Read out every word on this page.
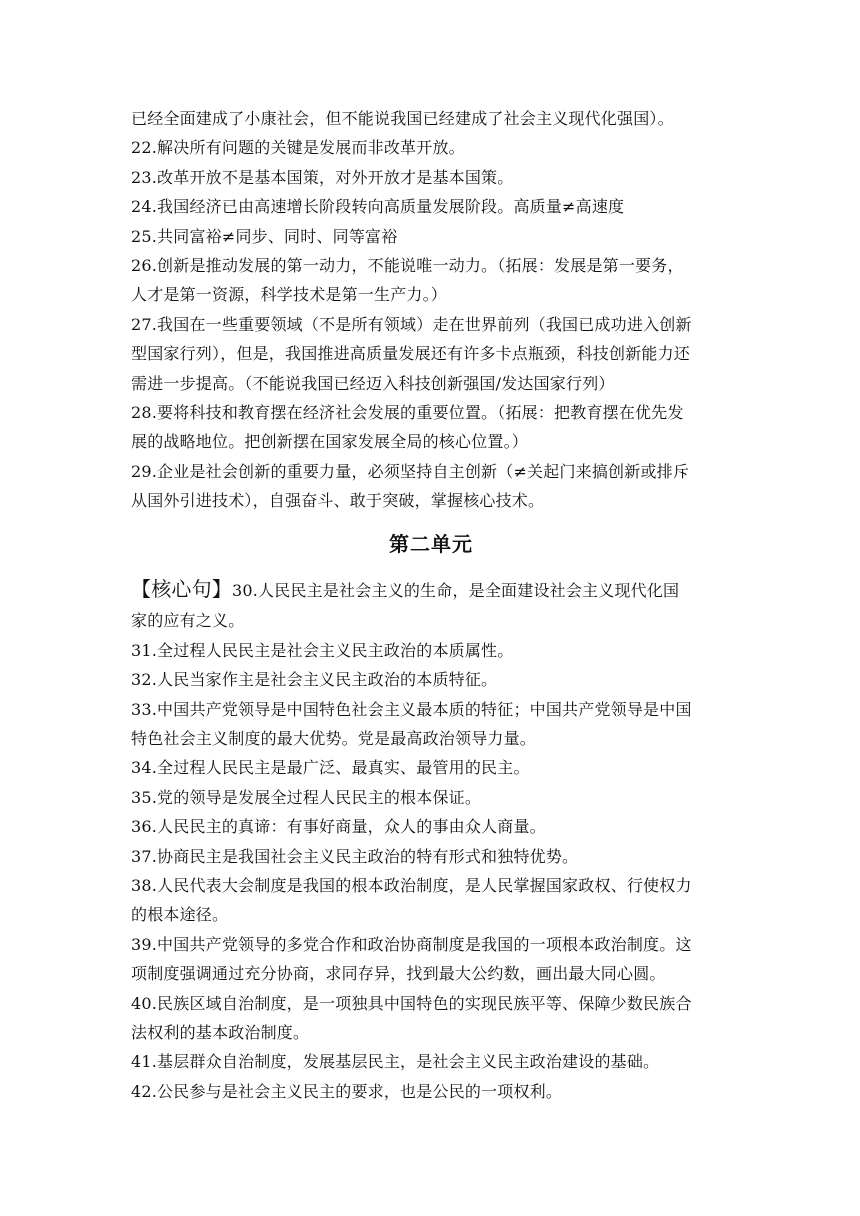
已经全面建成了小康社会，但不能说我国已经建成了社会主义现代化强国）。
22.解决所有问题的关键是发展而非改革开放。
23.改革开放不是基本国策，对外开放才是基本国策。
24.我国经济已由高速增长阶段转向高质量发展阶段。高质量≠高速度
25.共同富裕≠同步、同时、同等富裕
26.创新是推动发展的第一动力，不能说唯一动力。（拓展：发展是第一要务，
人才是第一资源，科学技术是第一生产力。）
27.我国在一些重要领域（不是所有领域）走在世界前列（我国已成功进入创新
型国家行列），但是，我国推进高质量发展还有许多卡点瓶颈，科技创新能力还
需进一步提高。（不能说我国已经迈入科技创新强国/发达国家行列）
28.要将科技和教育摆在经济社会发展的重要位置。（拓展：把教育摆在优先发
展的战略地位。把创新摆在国家发展全局的核心位置。）
29.企业是社会创新的重要力量，必须坚持自主创新（≠关起门来搞创新或排斥
从国外引进技术），自强奋斗、敢于突破，掌握核心技术。
第二单元
【核心句】30.人民民主是社会主义的生命，是全面建设社会主义现代化国
家的应有之义。
31.全过程人民民主是社会主义民主政治的本质属性。
32.人民当家作主是社会主义民主政治的本质特征。
33.中国共产党领导是中国特色社会主义最本质的特征；中国共产党领导是中国
特色社会主义制度的最大优势。党是最高政治领导力量。
34.全过程人民民主是最广泛、最真实、最管用的民主。
35.党的领导是发展全过程人民民主的根本保证。
36.人民民主的真谛：有事好商量，众人的事由众人商量。
37.协商民主是我国社会主义民主政治的特有形式和独特优势。
38.人民代表大会制度是我国的根本政治制度，是人民掌握国家政权、行使权力
的根本途径。
39.中国共产党领导的多党合作和政治协商制度是我国的一项根本政治制度。这
项制度强调通过充分协商，求同存异，找到最大公约数，画出最大同心圆。
40.民族区域自治制度，是一项独具中国特色的实现民族平等、保障少数民族合
法权利的基本政治制度。
41.基层群众自治制度，发展基层民主，是社会主义民主政治建设的基础。
42.公民参与是社会主义民主的要求，也是公民的一项权利。
